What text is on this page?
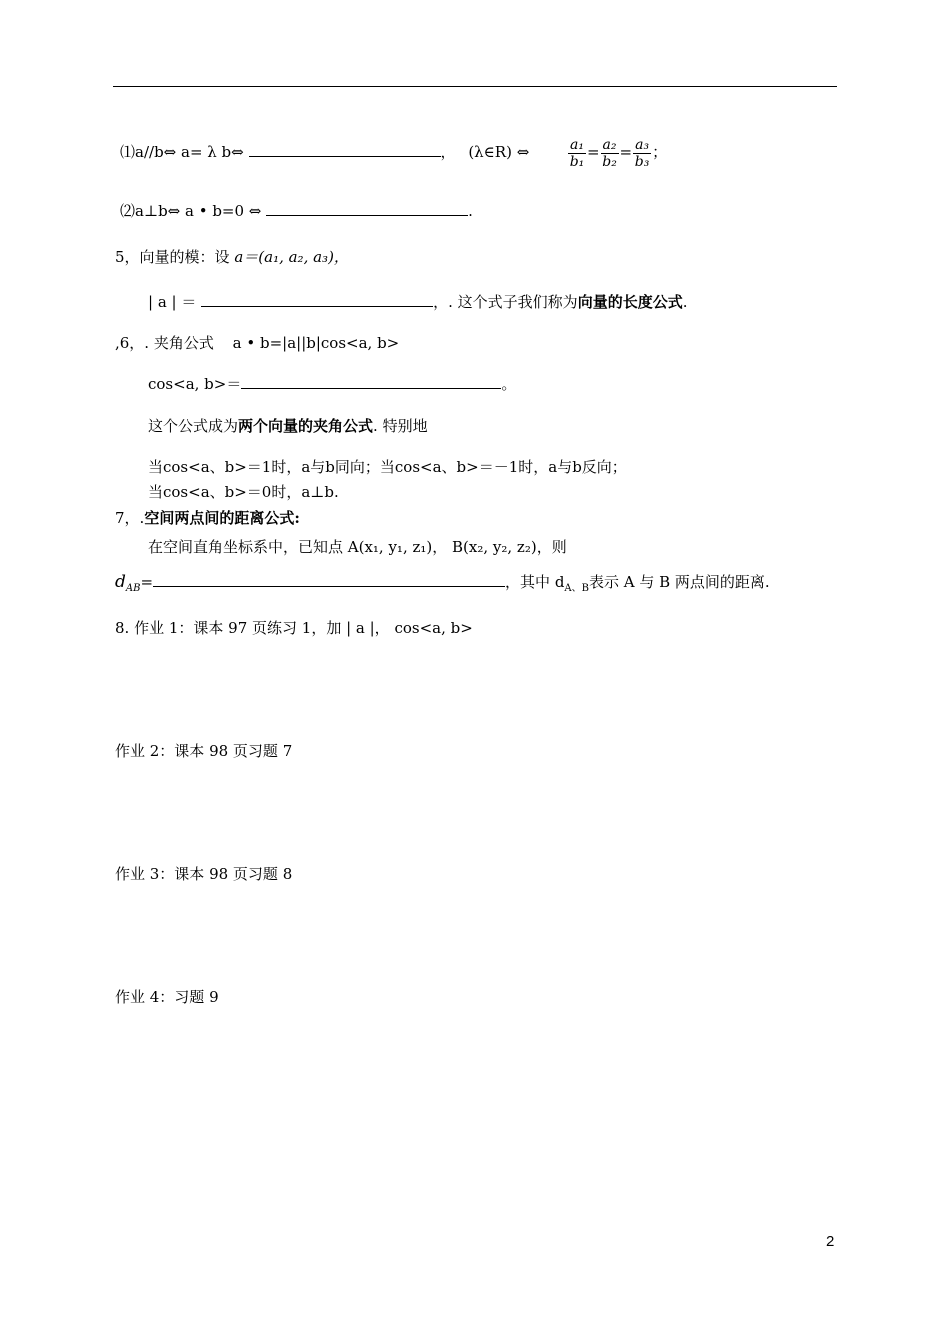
⑴a//b⇔ a= λ b⇔	， (λ∈R) ⇔	$\frac{\text{a₁}}{\text{b₁}} = \frac{\text{a₂}}{\text{b₂}} = \frac{\text{a₃}}{\text{b₃}}$ ；
⑵a⊥b⇔ a • b=0 ⇔	.
5，向量的模：设 a＝(a₁, a₂, a₃)，
| a | ＝	，. 这个式子我们称为向量的长度公式.
,6，. 夹角公式 a • b=|a||b|cos<a, b>
cos<a, b>＝	。
这个公式成为两个向量的夹角公式. 特别地
当cos<a、b>＝1时，a与b同向；当cos<a、b>＝－1时，a与b反向；
当cos<a、b>＝0时，a⊥b.
7，.空间两点间的距离公式:
在空间直角坐标系中，已知点 A(x₁, y₁, z₁)， B(x₂, y₂, z₂)，则
$d_{AB}=$	，其中 $d_{A、B}$表示 A 与 B 两点间的距离.
8. 作业 1：课本 97 页练习 1，加 | a |， cos<a, b>
作业 2：课本 98 页习题 7
作业 3：课本 98 页习题 8
作业 4：习题 9
2
